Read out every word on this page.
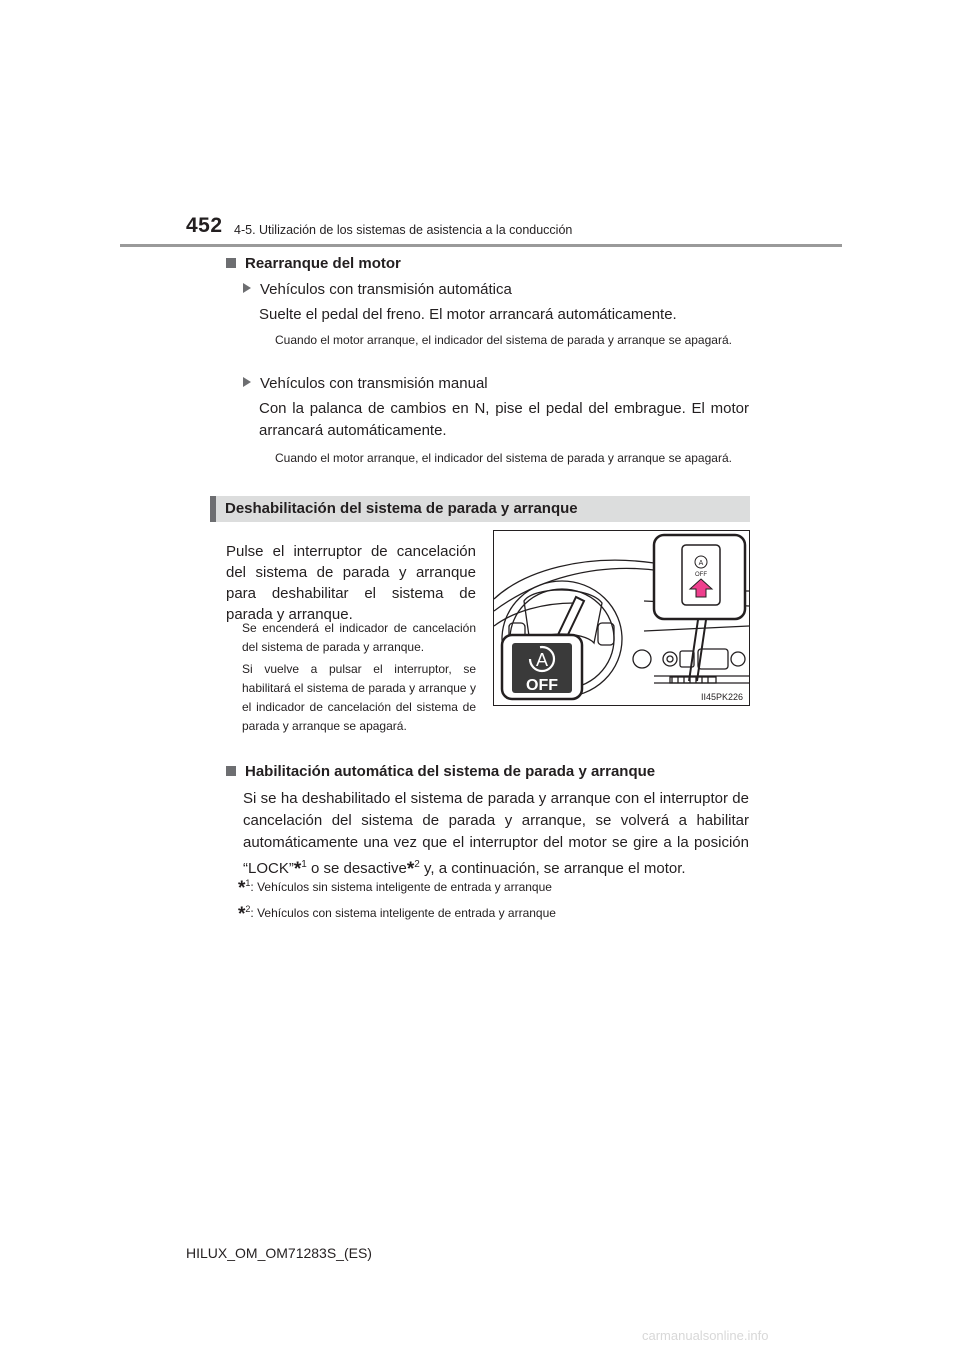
452 4-5. Utilización de los sistemas de asistencia a la conducción
Rearranque del motor
Vehículos con transmisión automática
Suelte el pedal del freno. El motor arrancará automáticamente.
Cuando el motor arranque, el indicador del sistema de parada y arranque se apagará.
Vehículos con transmisión manual
Con la palanca de cambios en N, pise el pedal del embrague. El motor arrancará automáticamente.
Cuando el motor arranque, el indicador del sistema de parada y arranque se apagará.
Deshabilitación del sistema de parada y arranque
Pulse el interruptor de cancelación del sistema de parada y arranque para deshabilitar el sistema de parada y arranque.
Se encenderá el indicador de cancelación del sistema de parada y arranque.
Si vuelve a pulsar el interruptor, se habilitará el sistema de parada y arranque y el indicador de cancelación del sistema de parada y arranque se apagará.
A
OFF
A
OFF
II45PK226
Habilitación automática del sistema de parada y arranque
Si se ha deshabilitado el sistema de parada y arranque con el interruptor de cancelación del sistema de parada y arranque, se volverá a habilitar automáticamente una vez que el interruptor del motor se gire a la posición “LOCK”*$^1$ o se desactive*$^2$ y, a continuación, se arranque el motor.
*$^1$: Vehículos sin sistema inteligente de entrada y arranque
*$^2$: Vehículos con sistema inteligente de entrada y arranque
HILUX_OM_OM71283S_(ES)
carmanualsonline.info
